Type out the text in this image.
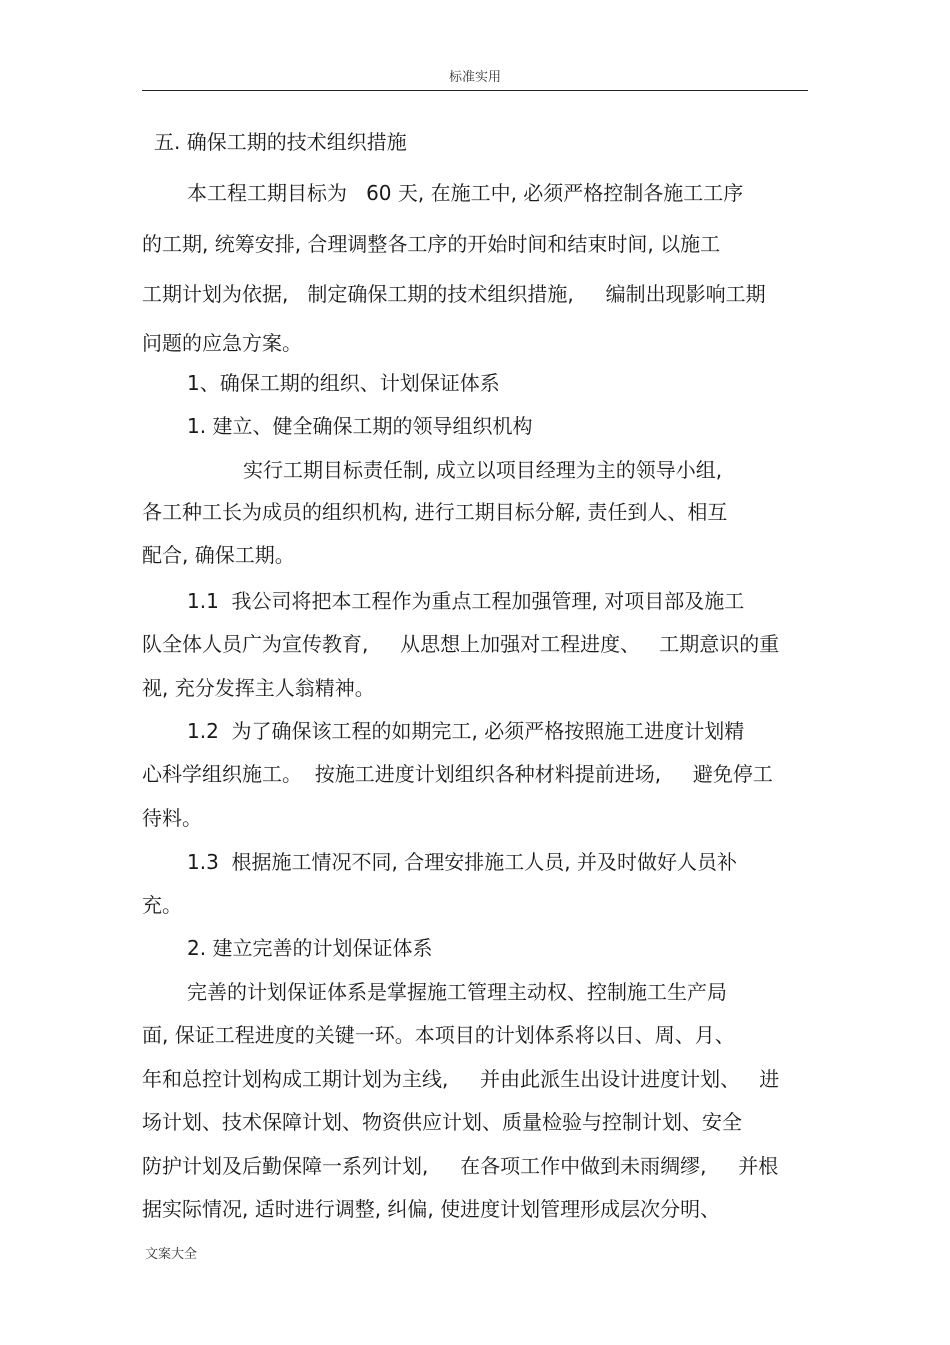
标准实用
五. 确保工期的技术组织措施
本工程工期目标为   60 天, 在施工中, 必须严格控制各施工工序
的工期, 统筹安排, 合理调整各工序的开始时间和结束时间, 以施工
工期计划为依据,   制定确保工期的技术组织措施,     编制出现影响工期
问题的应急方案。
1、确保工期的组织、计划保证体系
1. 建立、健全确保工期的领导组织机构
实行工期目标责任制, 成立以项目经理为主的领导小组,
各工种工长为成员的组织机构, 进行工期目标分解, 责任到人、相互
配合, 确保工期。
1.1  我公司将把本工程作为重点工程加强管理, 对项目部及施工
队全体人员广为宣传教育,     从思想上加强对工程进度、   工期意识的重
视, 充分发挥主人翁精神。
1.2  为了确保该工程的如期完工, 必须严格按照施工进度计划精
心科学组织施工。  按施工进度计划组织各种材料提前进场,     避免停工
待料。
1.3  根据施工情况不同, 合理安排施工人员, 并及时做好人员补
充。
2. 建立完善的计划保证体系
完善的计划保证体系是掌握施工管理主动权、控制施工生产局
面, 保证工程进度的关键一环。本项目的计划体系将以日、周、月、
年和总控计划构成工期计划为主线,     并由此派生出设计进度计划、   进
场计划、技术保障计划、物资供应计划、质量检验与控制计划、安全
防护计划及后勤保障一系列计划,     在各项工作中做到未雨绸缪,     并根
据实际情况, 适时进行调整, 纠偏, 使进度计划管理形成层次分明、
文案大全
